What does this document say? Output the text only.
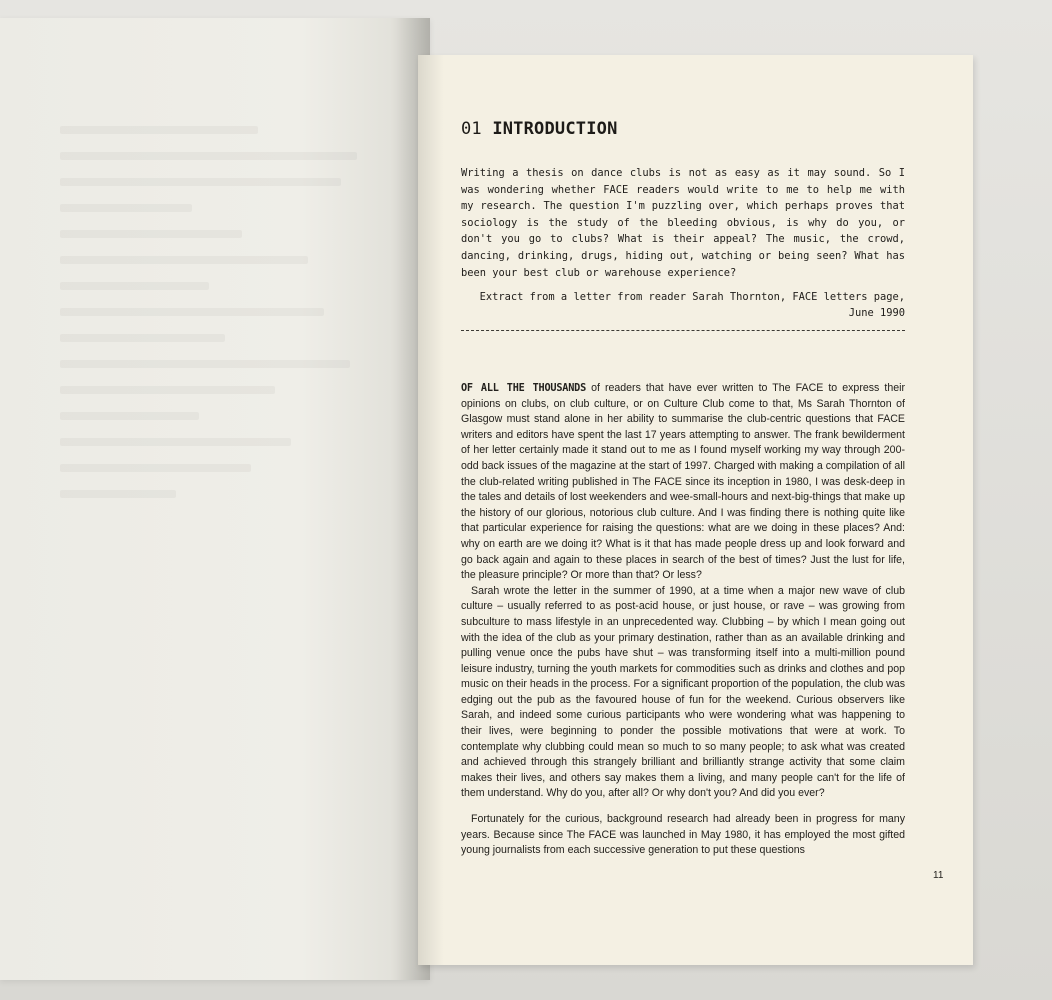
01 INTRODUCTION
Writing a thesis on dance clubs is not as easy as it may sound. So I was wondering whether FACE readers would write to me to help me with my research. The question I'm puzzling over, which perhaps proves that sociology is the study of the bleeding obvious, is why do you, or don't you go to clubs? What is their appeal? The music, the crowd, dancing, drinking, drugs, hiding out, watching or being seen? What has been your best club or warehouse experience?
Extract from a letter from reader Sarah Thornton, FACE letters page,
June 1990

OF ALL THE THOUSANDS of readers that have ever written to The FACE to express their opinions on clubs, on club culture, or on Culture Club come to that, Ms Sarah Thornton of Glasgow must stand alone in her ability to summarise the club-centric questions that FACE writers and editors have spent the last 17 years attempting to answer. The frank bewilderment of her letter certainly made it stand out to me as I found myself working my way through 200-odd back issues of the magazine at the start of 1997. Charged with making a compilation of all the club-related writing published in The FACE since its inception in 1980, I was desk-deep in the tales and details of lost weekenders and wee-small-hours and next-big-things that make up the history of our glorious, notorious club culture. And I was finding there is nothing quite like that particular experience for raising the questions: what are we doing in these places? And: why on earth are we doing it? What is it that has made people dress up and look forward and go back again and again to these places in search of the best of times? Just the lust for life, the pleasure principle? Or more than that? Or less?

Sarah wrote the letter in the summer of 1990, at a time when a major new wave of club culture – usually referred to as post-acid house, or just house, or rave – was growing from subculture to mass lifestyle in an unprecedented way. Clubbing – by which I mean going out with the idea of the club as your primary destination, rather than as an available drinking and pulling venue once the pubs have shut – was transforming itself into a multi-million pound leisure industry, turning the youth markets for commodities such as drinks and clothes and pop music on their heads in the process. For a significant proportion of the population, the club was edging out the pub as the favoured house of fun for the weekend. Curious observers like Sarah, and indeed some curious participants who were wondering what was happening to their lives, were beginning to ponder the possible motivations that were at work. To contemplate why clubbing could mean so much to so many people; to ask what was created and achieved through this strangely brilliant and brilliantly strange activity that some claim makes their lives, and others say makes them a living, and many people can't for the life of them understand. Why do you, after all? Or why don't you? And did you ever?

Fortunately for the curious, background research had already been in progress for many years. Because since The FACE was launched in May 1980, it has employed the most gifted young journalists from each successive generation to put these questions

11
